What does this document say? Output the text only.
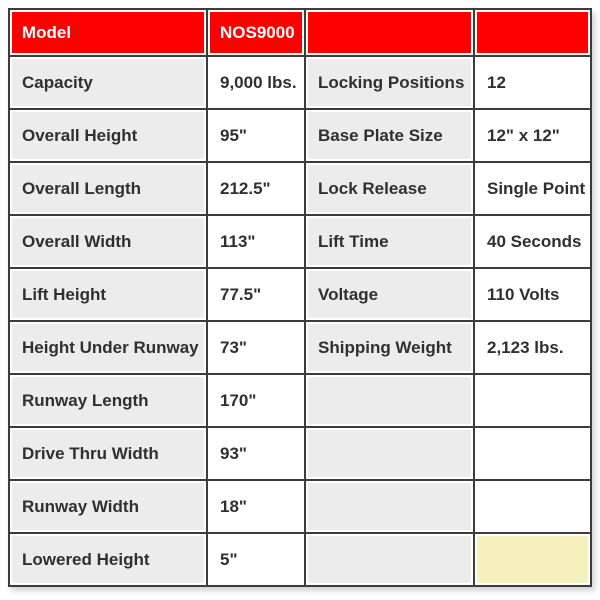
Model	NOS9000		
Capacity	9,000 lbs.	Locking Positions	12
Overall Height	95"	Base Plate Size	12" x 12"
Overall Length	212.5"	Lock Release	Single Point
Overall Width	113"	Lift Time	40 Seconds
Lift Height	77.5"	Voltage	110 Volts
Height Under Runway	73"	Shipping Weight	2,123 lbs.
Runway Length	170"		
Drive Thru Width	93"		
Runway Width	18"		
Lowered Height	5"		
